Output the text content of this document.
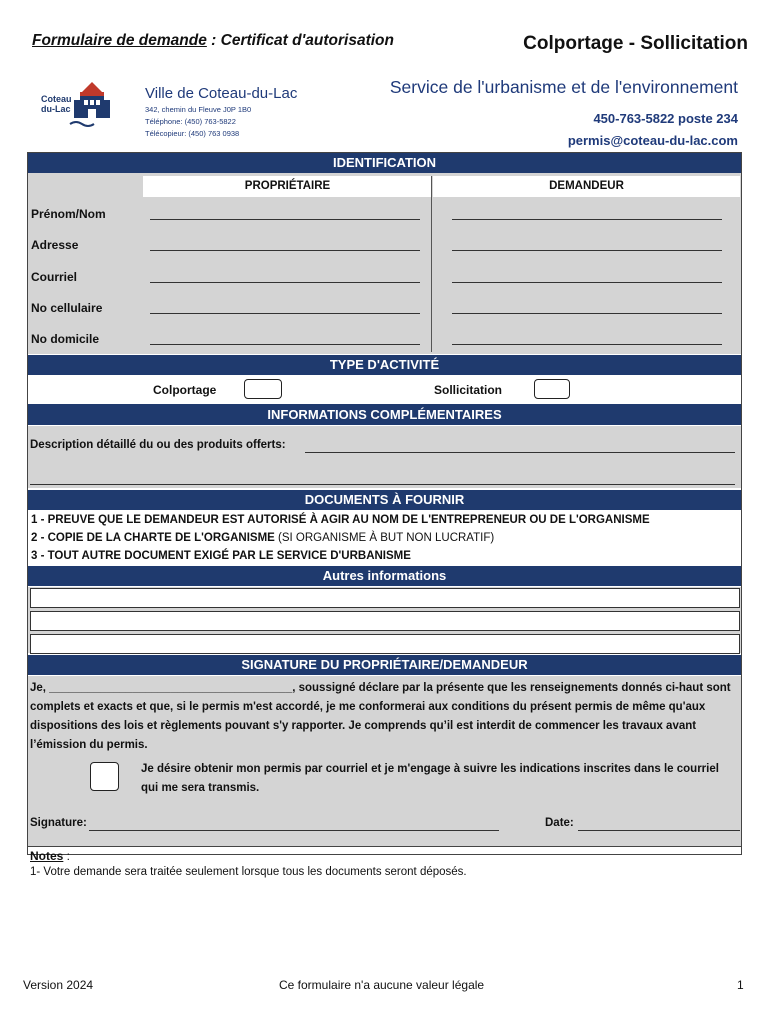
Formulaire de demande : Certificat d'autorisation	Colportage - Sollicitation
Coteau
du-Lac
Ville de Coteau-du-Lac
342, chemin du Fleuve J0P 1B0
Téléphone: (450) 763-5822
Télécopieur: (450) 763 0938
Service de l'urbanisme et de l'environnement
450-763-5822 poste 234
permis@coteau-du-lac.com
IDENTIFICATION
PROPRIÉTAIRE	DEMANDEUR
Prénom/Nom
Adresse
Courriel
No cellulaire
No domicile
TYPE D'ACTIVITÉ
Colportage	Sollicitation
INFORMATIONS COMPLÉMENTAIRES
Description détaillé du ou des produits offerts:
DOCUMENTS À FOURNIR
1 - PREUVE QUE LE DEMANDEUR EST AUTORISÉ À AGIR AU NOM DE L'ENTREPRENEUR OU DE L'ORGANISME
2 - COPIE DE LA CHARTE DE L'ORGANISME (SI ORGANISME À BUT NON LUCRATIF)
3 - TOUT AUTRE DOCUMENT EXIGÉ PAR LE SERVICE D'URBANISME
Autres informations
SIGNATURE DU PROPRIÉTAIRE/DEMANDEUR
Je, ______________________________________, soussigné déclare par la présente que les renseignements donnés ci-haut sont complets et exacts et que, si le permis m'est accordé, je me conformerai aux conditions du présent permis de même qu'aux dispositions des lois et règlements pouvant s'y rapporter. Je comprends qu’il est interdit de commencer les travaux avant l’émission du permis.
Je désire obtenir mon permis par courriel et je m'engage à suivre les indications inscrites dans le courriel qui me sera transmis.
Signature:	Date:
Notes :
1- Votre demande sera traitée seulement lorsque tous les documents seront déposés.
Version 2024	Ce formulaire n'a aucune valeur légale	1
